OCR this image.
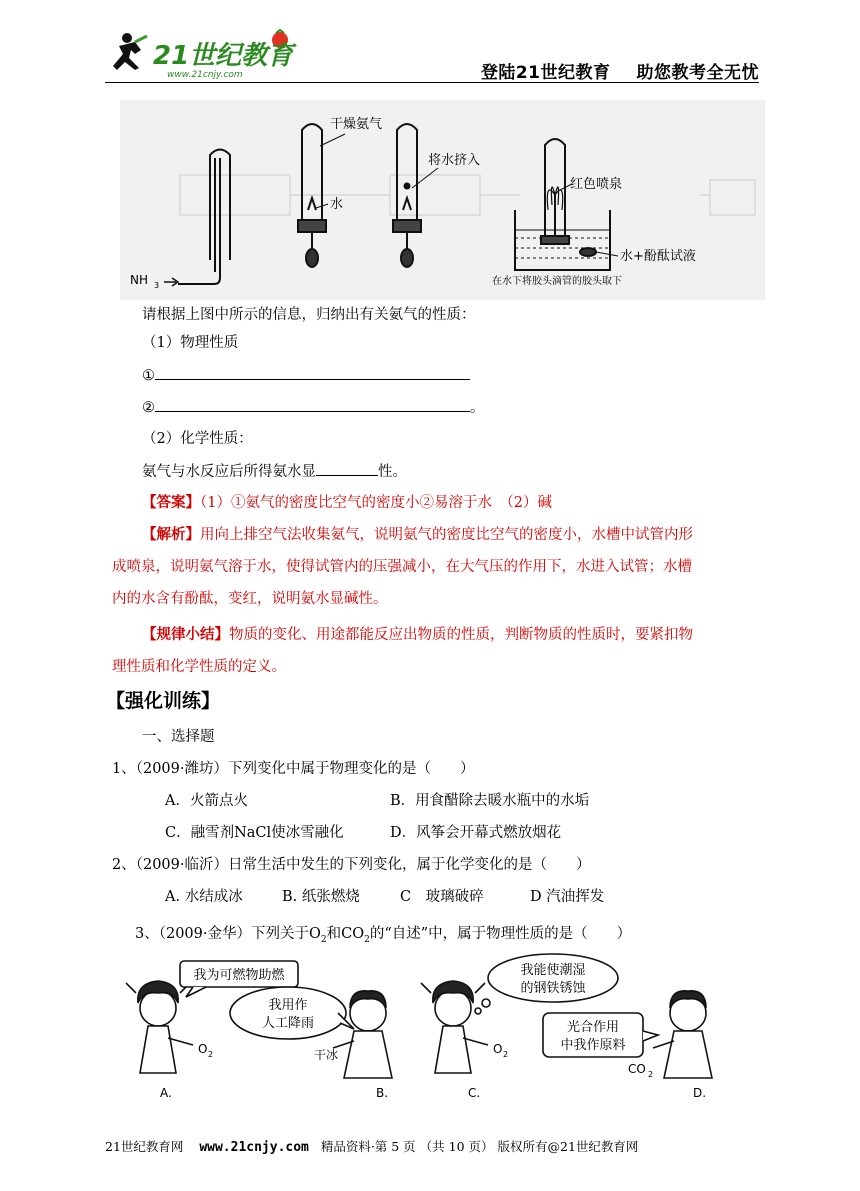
21世纪教育
www.21cnjy.com	登陆21世纪教育 助您教考全无忧
NH 3
干燥氨气
水
将水挤入
红色喷泉
水+酚酞试液
在水下将胶头滴管的胶头取下
请根据上图中所示的信息，归纳出有关氨气的性质：
（1）物理性质
①
②	。
（2）化学性质：
氨气与水反应后所得氨水显	性。
【答案】（1）①氨气的密度比空气的密度小②易溶于水　（2）碱
【解析】用向上排空气法收集氨气，说明氨气的密度比空气的密度小，水槽中试管内形
成喷泉，说明氨气溶于水，使得试管内的压强减小，在大气压的作用下，水进入试管；水槽
内的水含有酚酞，变红，说明氨水显碱性。
【规律小结】物质的变化、用途都能反应出物质的性质，判断物质的性质时，要紧扣物
理性质和化学性质的定义。
【强化训练】
一、选择题
1、（2009·潍坊）下列变化中属于物理变化的是（　　）
A．火箭点火	B．用食醋除去暖水瓶中的水垢
C．融雪剂NaCl使冰雪融化	D．风筝会开幕式燃放烟花
2、（2009·临沂）日常生活中发生的下列变化，属于化学变化的是（　　）
A. 水结成冰	B. 纸张燃烧	C　玻璃破碎	D 汽油挥发
3、（2009·金华）下列关于$O_2$和$CO_2$的“自述”中，属于物理性质的是（　　）
我为可燃物助燃
我用作
人工降雨
我能使潮湿
的钢铁锈蚀
光合作用
中我作原料
O 2	干冰	O 2
CO 2
A.	B.	C.	D.
21世纪教育网 www.21cnjy.com 精品资料·第 5 页 （共 10 页） 版权所有@21世纪教育网
